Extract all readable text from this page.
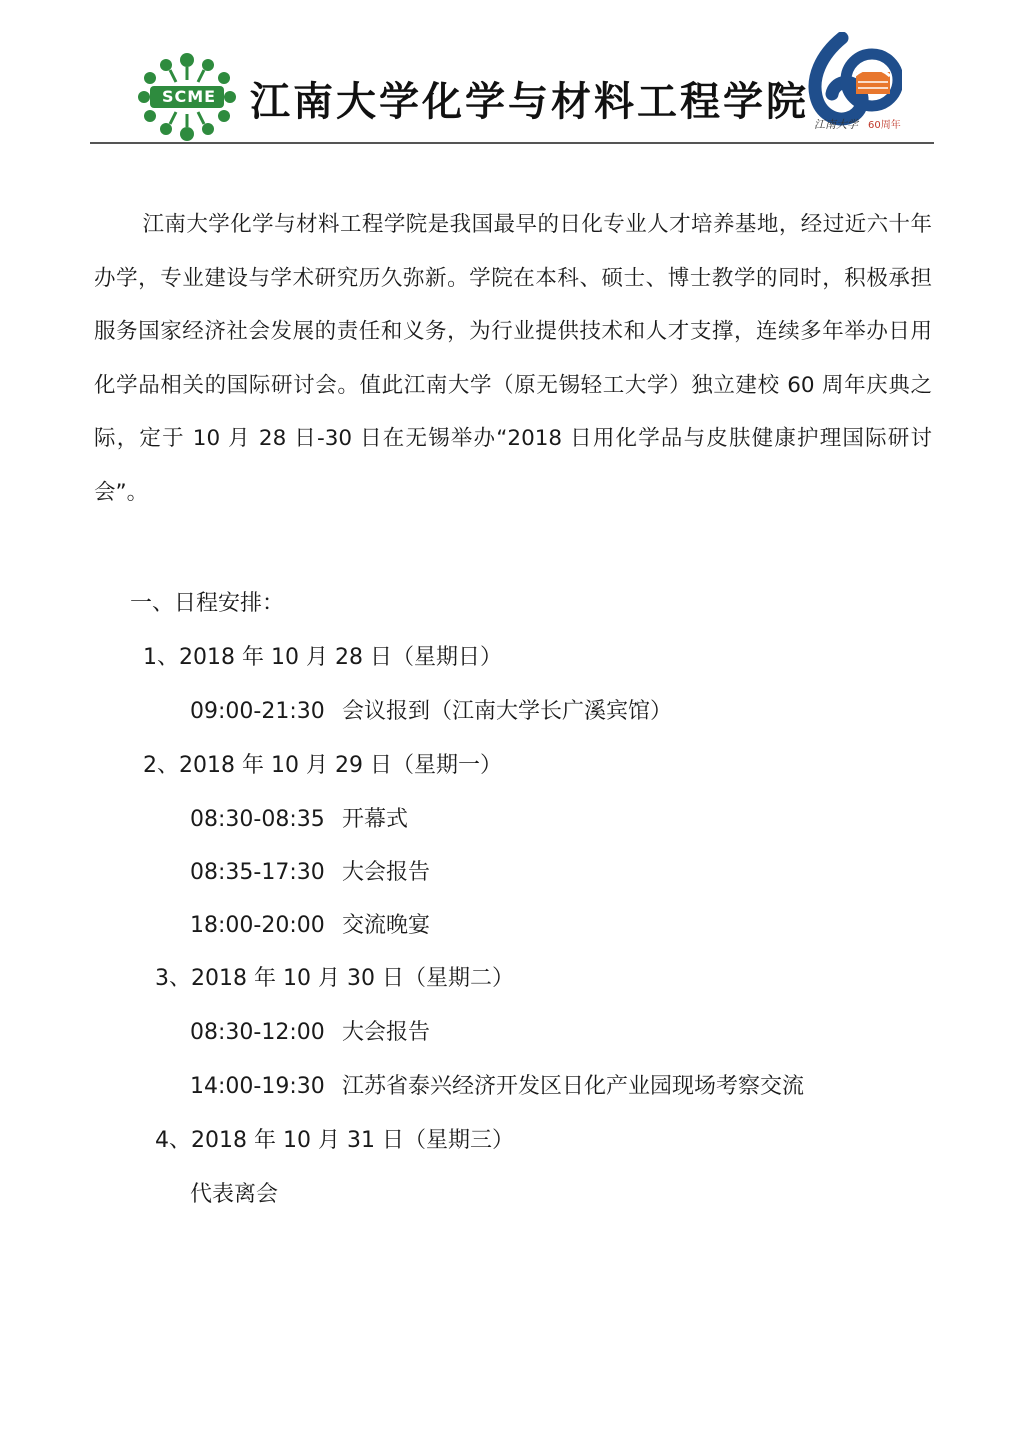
SCME 江南大学化学与材料工程学院 江南大学 60周年

江南大学化学与材料工程学院是我国最早的日化专业人才培养基地，经过近六十年办学，专业建设与学术研究历久弥新。学院在本科、硕士、博士教学的同时，积极承担服务国家经济社会发展的责任和义务，为行业提供技术和人才支撑，连续多年举办日用化学品相关的国际研讨会。值此江南大学（原无锡轻工大学）独立建校 60 周年庆典之际，定于 10 月 28 日-30 日在无锡举办“2018 日用化学品与皮肤健康护理国际研讨会”。

一、日程安排：
1、2018 年 10 月 28 日（星期日）
09:00-21:30 会议报到（江南大学长广溪宾馆）
2、2018 年 10 月 29 日（星期一）
08:30-08:35 开幕式
08:35-17:30 大会报告
18:00-20:00 交流晚宴
3、2018 年 10 月 30 日（星期二）
08:30-12:00 大会报告
14:00-19:30 江苏省泰兴经济开发区日化产业园现场考察交流
4、2018 年 10 月 31 日（星期三）
代表离会
